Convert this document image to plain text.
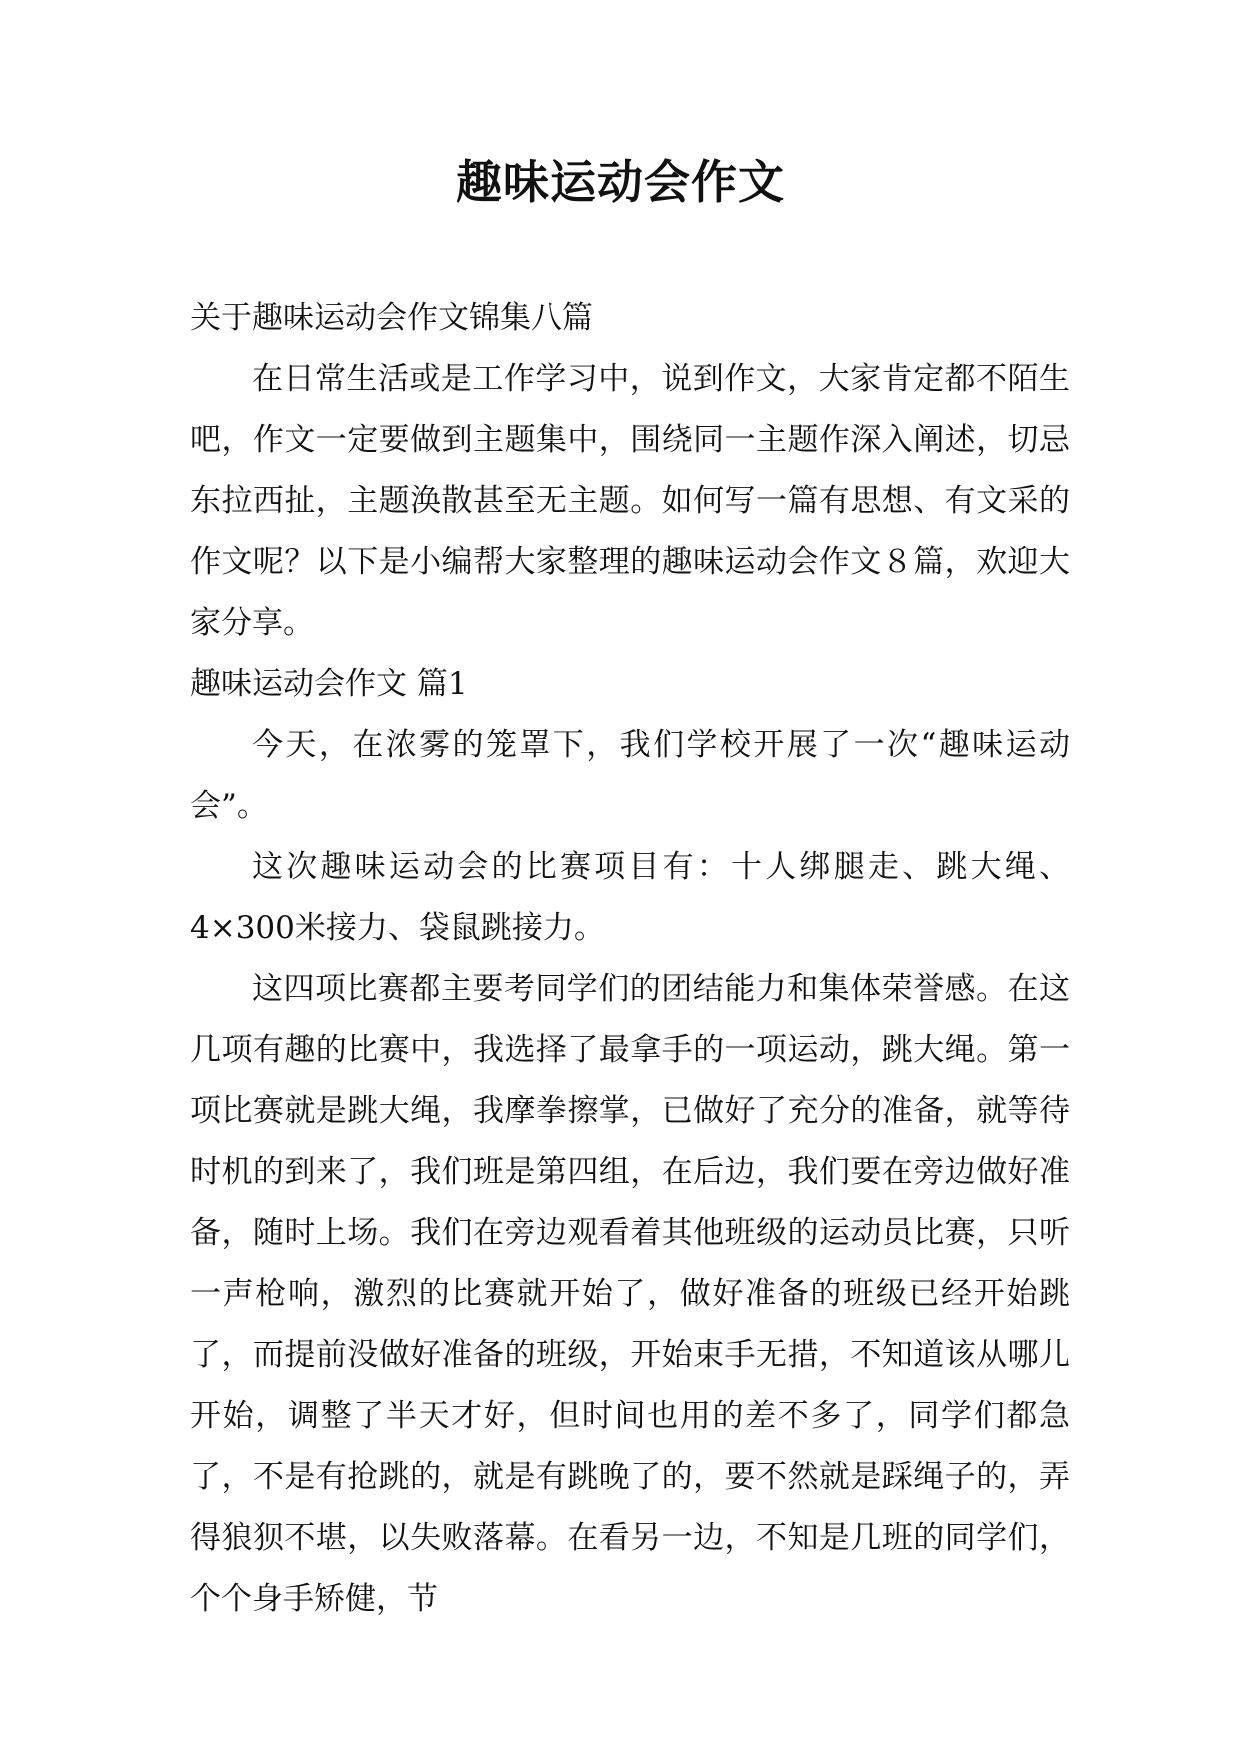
趣味运动会作文

关于趣味运动会作文锦集八篇

在日常生活或是工作学习中，说到作文，大家肯定都不陌生吧，作文一定要做到主题集中，围绕同一主题作深入阐述，切忌东拉西扯，主题涣散甚至无主题。如何写一篇有思想、有文采的作文呢？以下是小编帮大家整理的趣味运动会作文８篇，欢迎大家分享。

趣味运动会作文 篇1

今天，在浓雾的笼罩下，我们学校开展了一次“趣味运动会”。

这次趣味运动会的比赛项目有：十人绑腿走、跳大绳、4×300米接力、袋鼠跳接力。

这四项比赛都主要考同学们的团结能力和集体荣誉感。在这几项有趣的比赛中，我选择了最拿手的一项运动，跳大绳。第一项比赛就是跳大绳，我摩拳擦掌，已做好了充分的准备，就等待时机的到来了，我们班是第四组，在后边，我们要在旁边做好准备，随时上场。我们在旁边观看着其他班级的运动员比赛，只听一声枪响，激烈的比赛就开始了，做好准备的班级已经开始跳了，而提前没做好准备的班级，开始束手无措，不知道该从哪儿开始，调整了半天才好，但时间也用的差不多了，同学们都急了，不是有抢跳的，就是有跳晚了的，要不然就是踩绳子的，弄得狼狈不堪，以失败落幕。在看另一边，不知是几班的同学们，个个身手矫健，节
